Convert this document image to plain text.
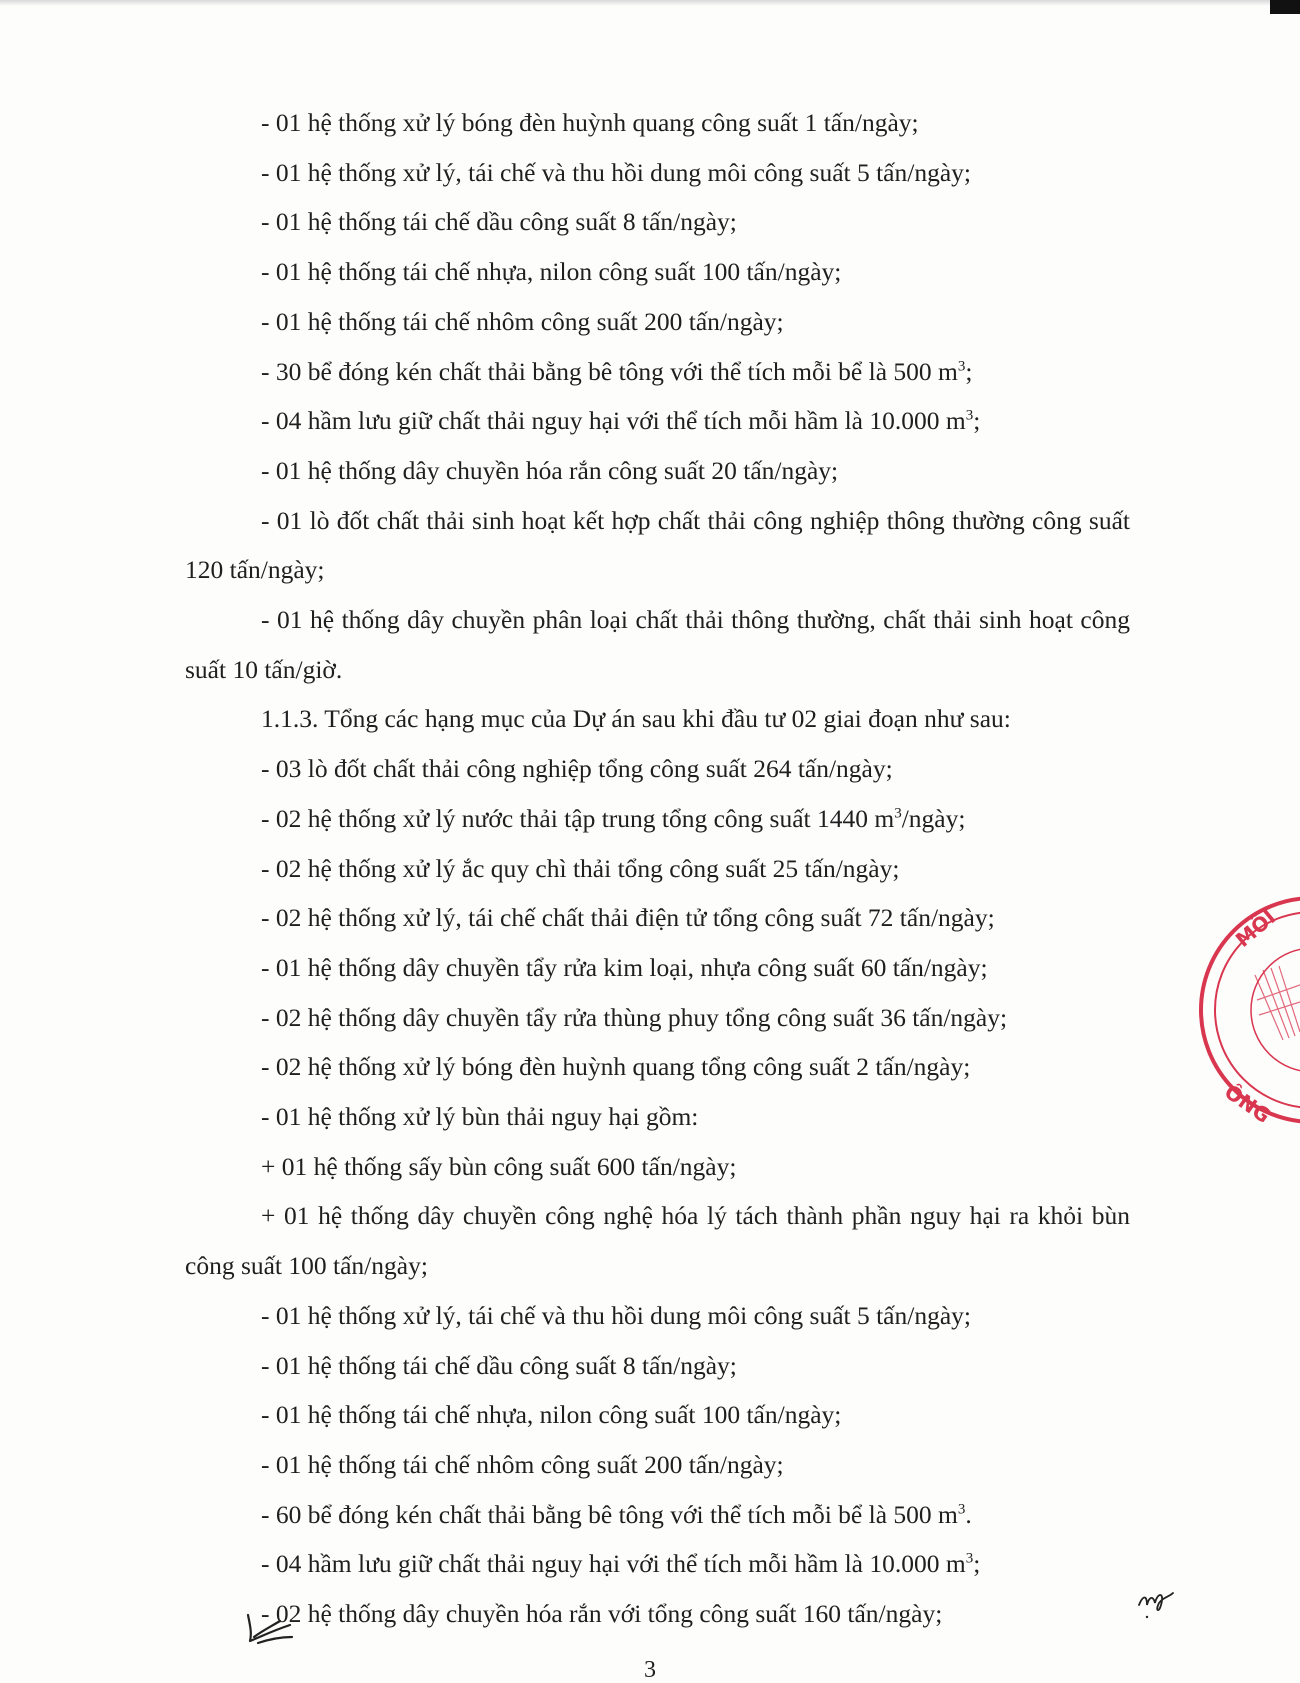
- 01 hệ thống xử lý bóng đèn huỳnh quang công suất 1 tấn/ngày;

- 01 hệ thống xử lý, tái chế và thu hồi dung môi công suất 5 tấn/ngày;

- 01 hệ thống tái chế dầu công suất 8 tấn/ngày;

- 01 hệ thống tái chế nhựa, nilon công suất 100 tấn/ngày;

- 01 hệ thống tái chế nhôm công suất 200 tấn/ngày;

- 30 bể đóng kén chất thải bằng bê tông với thể tích mỗi bể là 500 $m^3$;

- 04 hầm lưu giữ chất thải nguy hại với thể tích mỗi hầm là 10.000 $m^3$;

- 01 hệ thống dây chuyền hóa rắn công suất 20 tấn/ngày;

- 01 lò đốt chất thải sinh hoạt kết hợp chất thải công nghiệp thông thường công suất 120 tấn/ngày;

- 01 hệ thống dây chuyền phân loại chất thải thông thường, chất thải sinh hoạt công suất 10 tấn/giờ.

1.1.3. Tổng các hạng mục của Dự án sau khi đầu tư 02 giai đoạn như sau:

- 03 lò đốt chất thải công nghiệp tổng công suất 264 tấn/ngày;

- 02 hệ thống xử lý nước thải tập trung tổng công suất 1440 $m^3$/ngày;

- 02 hệ thống xử lý ắc quy chì thải tổng công suất 25 tấn/ngày;

- 02 hệ thống xử lý, tái chế chất thải điện tử tổng công suất 72 tấn/ngày;

- 01 hệ thống dây chuyền tẩy rửa kim loại, nhựa công suất 60 tấn/ngày;

- 02 hệ thống dây chuyền tẩy rửa thùng phuy tổng công suất 36 tấn/ngày;

- 02 hệ thống xử lý bóng đèn huỳnh quang tổng công suất 2 tấn/ngày;

- 01 hệ thống xử lý bùn thải nguy hại gồm:

+ 01 hệ thống sấy bùn công suất 600 tấn/ngày;

+ 01 hệ thống dây chuyền công nghệ hóa lý tách thành phần nguy hại ra khỏi bùn công suất 100 tấn/ngày;

- 01 hệ thống xử lý, tái chế và thu hồi dung môi công suất 5 tấn/ngày;

- 01 hệ thống tái chế dầu công suất 8 tấn/ngày;

- 01 hệ thống tái chế nhựa, nilon công suất 100 tấn/ngày;

- 01 hệ thống tái chế nhôm công suất 200 tấn/ngày;

- 60 bể đóng kén chất thải bằng bê tông với thể tích mỗi bể là 500 $m^3$.

- 04 hầm lưu giữ chất thải nguy hại với thể tích mỗi hầm là 10.000 $m^3$;

- 02 hệ thống dây chuyền hóa rắn với tổng công suất 160 tấn/ngày;

3
MÔI
ÔNG
